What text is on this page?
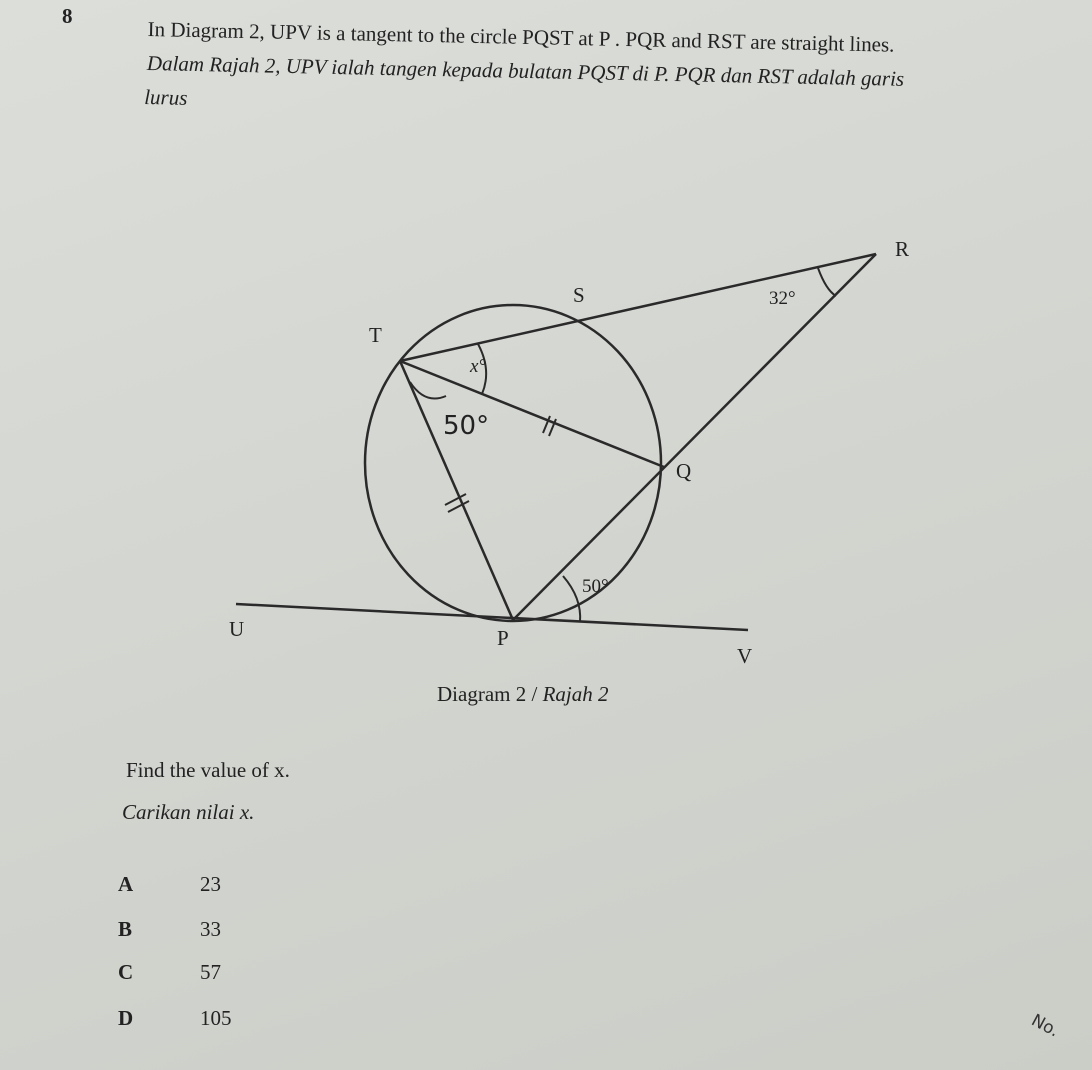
8
In Diagram 2, UPV is a tangent to the circle PQST at P . PQR and RST are straight lines.
Dalam Rajah 2, UPV ialah tangen kepada bulatan PQST di P. PQR dan RST adalah garis
lurus
R
S
T
Q
U	P
V
32°
x°
50°
50°
Diagram 2 / Rajah 2
Find the value of x.
Carikan nilai x.
A	23
B	33
C	57
D	105	No.
